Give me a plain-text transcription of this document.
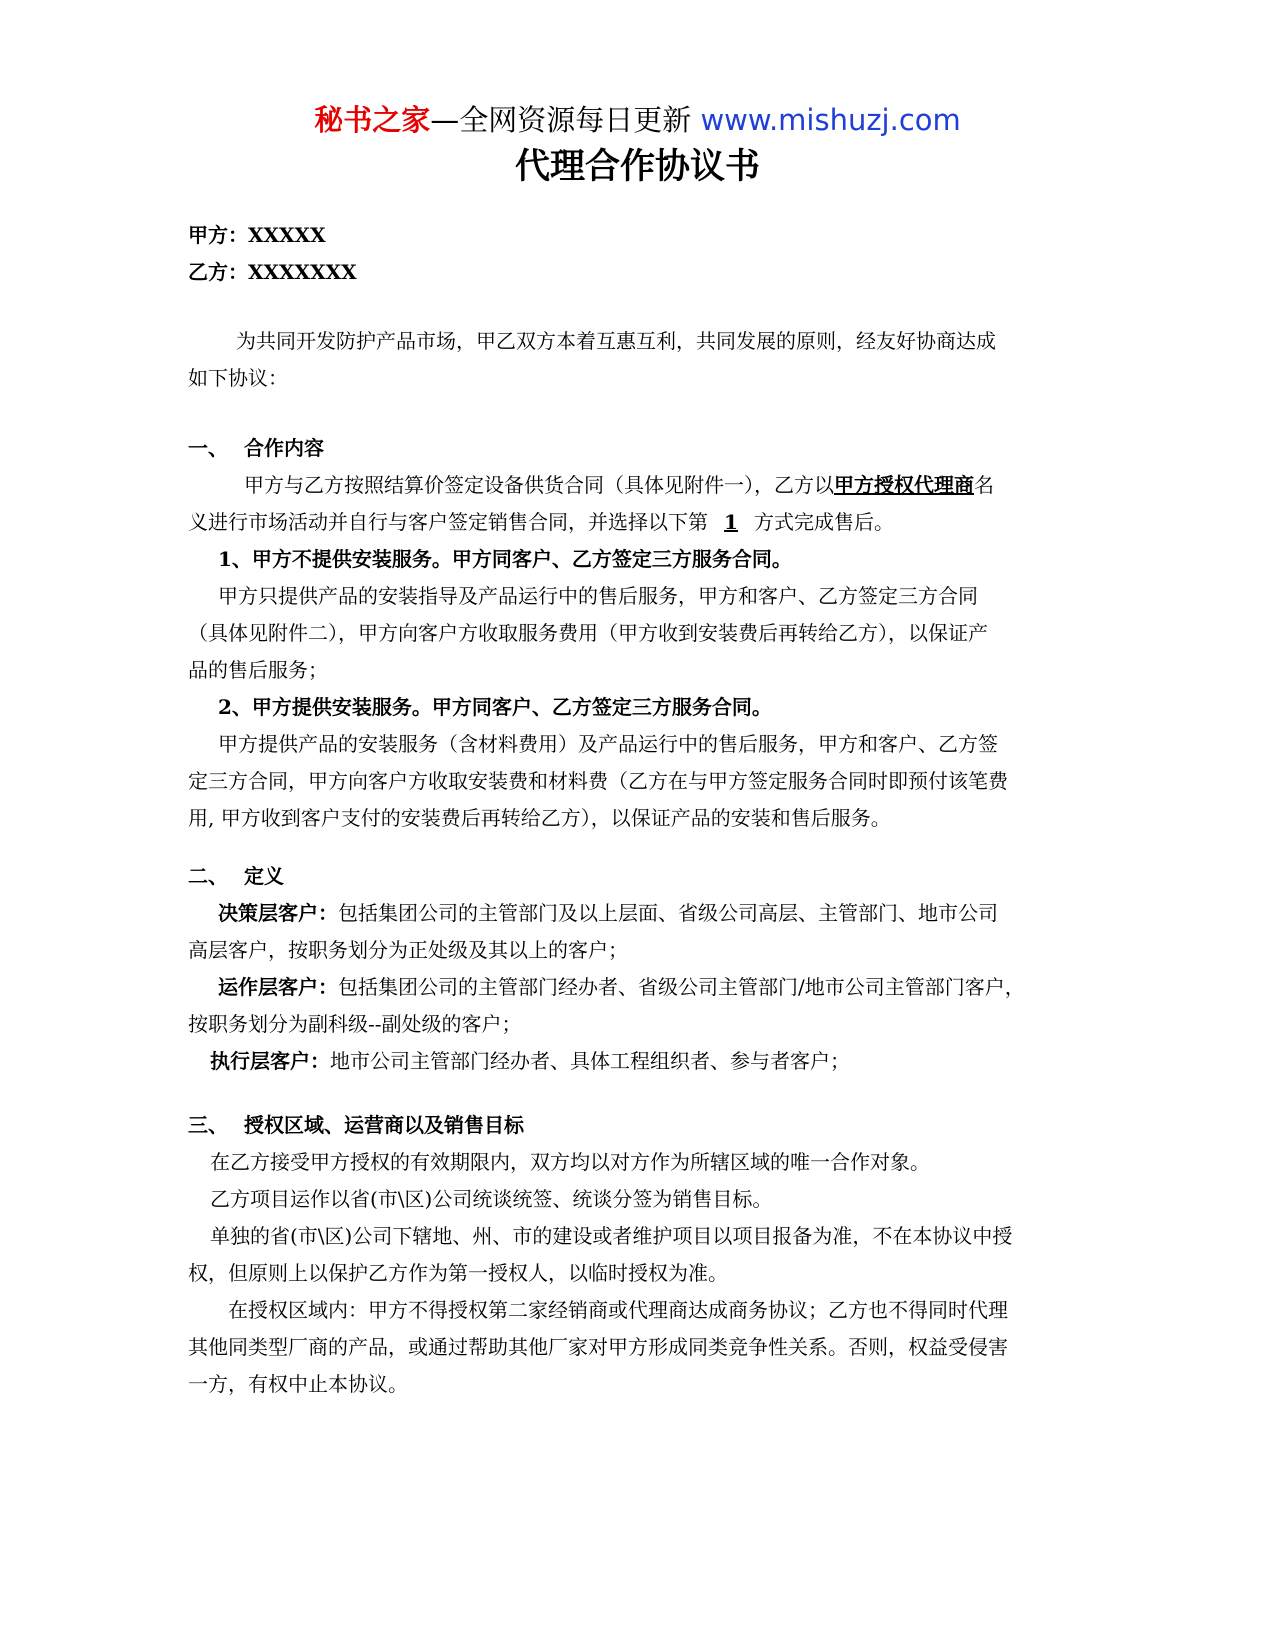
秘书之家—全网资源每日更新 www.mishuzj.com
代理合作协议书
甲方：XXXXX
乙方：XXXXXXX
为共同开发防护产品市场，甲乙双方本着互惠互利，共同发展的原则，经友好协商达成
如下协议：
一、 合作内容
甲方与乙方按照结算价签定设备供货合同（具体见附件一），乙方以甲方授权代理商名
义进行市场活动并自行与客户签定销售合同，并选择以下第 1 方式完成售后。
1、甲方不提供安装服务。甲方同客户、乙方签定三方服务合同。
甲方只提供产品的安装指导及产品运行中的售后服务，甲方和客户、乙方签定三方合同
（具体见附件二），甲方向客户方收取服务费用（甲方收到安装费后再转给乙方），以保证产
品的售后服务；
2、甲方提供安装服务。甲方同客户、乙方签定三方服务合同。
甲方提供产品的安装服务（含材料费用）及产品运行中的售后服务，甲方和客户、乙方签
定三方合同，甲方向客户方收取安装费和材料费（乙方在与甲方签定服务合同时即预付该笔费
用, 甲方收到客户支付的安装费后再转给乙方），以保证产品的安装和售后服务。
二、 定义
决策层客户：包括集团公司的主管部门及以上层面、省级公司高层、主管部门、地市公司
高层客户，按职务划分为正处级及其以上的客户；
运作层客户：包括集团公司的主管部门经办者、省级公司主管部门/地市公司主管部门客户，
按职务划分为副科级--副处级的客户；
执行层客户：地市公司主管部门经办者、具体工程组织者、参与者客户；
三、 授权区域、运营商以及销售目标
在乙方接受甲方授权的有效期限内，双方均以对方作为所辖区域的唯一合作对象。
乙方项目运作以省(市\区)公司统谈统签、统谈分签为销售目标。
单独的省(市\区)公司下辖地、州、市的建设或者维护项目以项目报备为准，不在本协议中授
权，但原则上以保护乙方作为第一授权人，以临时授权为准。
在授权区域内：甲方不得授权第二家经销商或代理商达成商务协议；乙方也不得同时代理
其他同类型厂商的产品，或通过帮助其他厂家对甲方形成同类竞争性关系。否则，权益受侵害
一方，有权中止本协议。
